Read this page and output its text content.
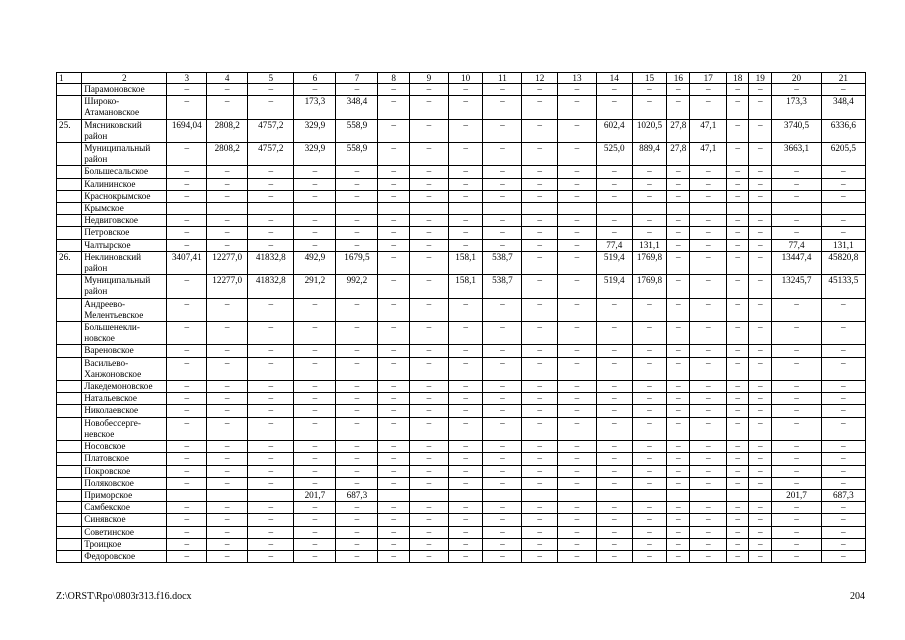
1	2	3	4	5	6	7	8	9	10	11	12	13	14	15	16	17	18	19	20	21
	Парамоновское	–	–	–	–	–	–	–	–	–	–	–	–	–	–	–	–	–	–	–
	Широко-Атамановское	–	–	–	173,3	348,4	–	–	–	–	–	–	–	–	–	–	–	–	173,3	348,4
25.	Мясниковский район	1694,04	2808,2	4757,2	329,9	558,9	–	–	–	–	–	–	602,4	1020,5	27,8	47,1	–	–	3740,5	6336,6
	Муниципальный район	–	2808,2	4757,2	329,9	558,9	–	–	–	–	–	–	525,0	889,4	27,8	47,1	–	–	3663,1	6205,5
	Большесальское	–	–	–	–	–	–	–	–	–	–	–	–	–	–	–	–	–	–	–
	Калининское	–	–	–	–	–	–	–	–	–	–	–	–	–	–	–	–	–	–	–
	Краснокрымское	–	–	–	–	–	–	–	–	–	–	–	–	–	–	–	–	–	–	–
	Крымское																			
	Недвиговское	–	–	–	–	–	–	–	–	–	–	–	–	–	–	–	–	–	–	–
	Петровское	–	–	–	–	–	–	–	–	–	–	–	–	–	–	–	–	–	–	–
	Чалтырское	–	–	–	–	–	–	–	–	–	–	–	77,4	131,1	–	–	–	–	77,4	131,1
26.	Неклиновский район	3407,41	12277,0	41832,8	492,9	1679,5	–	–	158,1	538,7	–	–	519,4	1769,8	–	–	–	–	13447,4	45820,8
	Муниципальный район	–	12277,0	41832,8	291,2	992,2	–	–	158,1	538,7	–	–	519,4	1769,8	–	–	–	–	13245,7	45133,5
	Андреево-Мелентьевское	–	–	–	–	–	–	–	–	–	–	–	–	–	–	–	–	–	–	–
	Большенекли-новское	–	–	–	–	–	–	–	–	–	–	–	–	–	–	–	–	–	–	–
	Вареновское	–	–	–	–	–	–	–	–	–	–	–	–	–	–	–	–	–	–	–
	Васильево-Ханжоновское	–	–	–	–	–	–	–	–	–	–	–	–	–	–	–	–	–	–	–
	Лакедемоновское	–	–	–	–	–	–	–	–	–	–	–	–	–	–	–	–	–	–	–
	Натальевское	–	–	–	–	–	–	–	–	–	–	–	–	–	–	–	–	–	–	–
	Николаевское	–	–	–	–	–	–	–	–	–	–	–	–	–	–	–	–	–	–	–
	Новобессерге-невское	–	–	–	–	–	–	–	–	–	–	–	–	–	–	–	–	–	–	–
	Носовское	–	–	–	–	–	–	–	–	–	–	–	–	–	–	–	–	–	–	–
	Платовское	–	–	–	–	–	–	–	–	–	–	–	–	–	–	–	–	–	–	–
	Покровское	–	–	–	–	–	–	–	–	–	–	–	–	–	–	–	–	–	–	–
	Поляковское	–	–	–	–	–	–	–	–	–	–	–	–	–	–	–	–	–	–	–
	Приморское				201,7	687,3													201,7	687,3
	Самбекское	–	–	–	–	–	–	–	–	–	–	–	–	–	–	–	–	–	–	–
	Синявское	–	–	–	–	–	–	–	–	–	–	–	–	–	–	–	–	–	–	–
	Советинское	–	–	–	–	–	–	–	–	–	–	–	–	–	–	–	–	–	–	–
	Троицкое	–	–	–	–	–	–	–	–	–	–	–	–	–	–	–	–	–	–	–
	Федоровское	–	–	–	–	–	–	–	–	–	–	–	–	–	–	–	–	–	–	–
Z:\ORST\Rpo\0803r313.f16.docx	204
